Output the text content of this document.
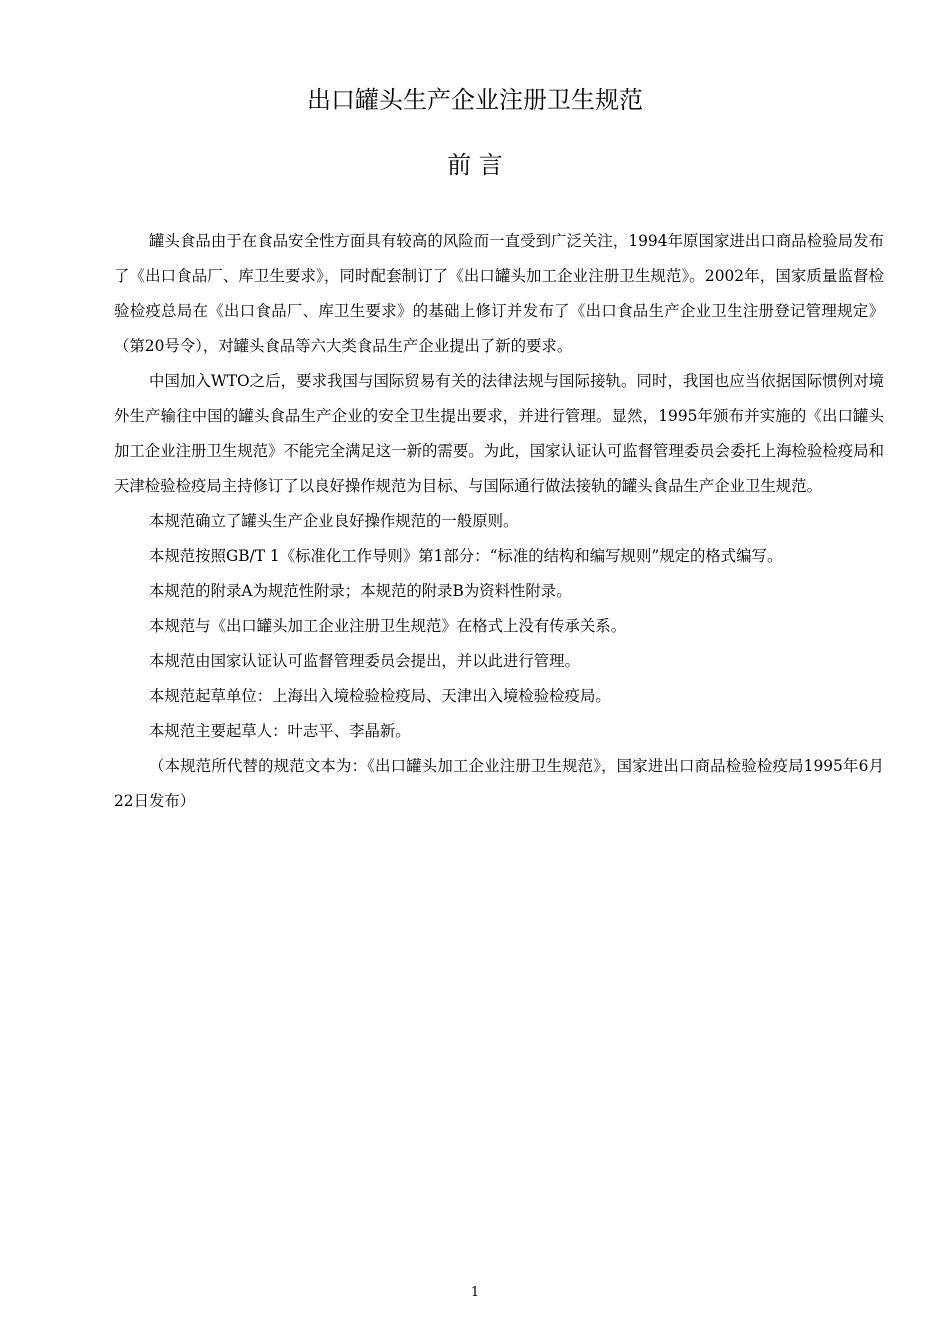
出口罐头生产企业注册卫生规范
前 言

罐头食品由于在食品安全性方面具有较高的风险而一直受到广泛关注，1994年原国家进出口商品检验局发布了《出口食品厂、库卫生要求》，同时配套制订了《出口罐头加工企业注册卫生规范》。2002年，国家质量监督检验检疫总局在《出口食品厂、库卫生要求》的基础上修订并发布了《出口食品生产企业卫生注册登记管理规定》（第20号令），对罐头食品等六大类食品生产企业提出了新的要求。

中国加入WTO之后，要求我国与国际贸易有关的法律法规与国际接轨。同时，我国也应当依据国际惯例对境外生产输往中国的罐头食品生产企业的安全卫生提出要求，并进行管理。显然，1995年颁布并实施的《出口罐头加工企业注册卫生规范》不能完全满足这一新的需要。为此，国家认证认可监督管理委员会委托上海检验检疫局和天津检验检疫局主持修订了以良好操作规范为目标、与国际通行做法接轨的罐头食品生产企业卫生规范。

本规范确立了罐头生产企业良好操作规范的一般原则。

本规范按照GB/T 1《标准化工作导则》第1部分：“标准的结构和编写规则”规定的格式编写。

本规范的附录A为规范性附录；本规范的附录B为资料性附录。

本规范与《出口罐头加工企业注册卫生规范》在格式上没有传承关系。

本规范由国家认证认可监督管理委员会提出，并以此进行管理。

本规范起草单位：上海出入境检验检疫局、天津出入境检验检疫局。

本规范主要起草人：叶志平、李晶新。

（本规范所代替的规范文本为：《出口罐头加工企业注册卫生规范》，国家进出口商品检验检疫局1995年6月22日发布）

1
